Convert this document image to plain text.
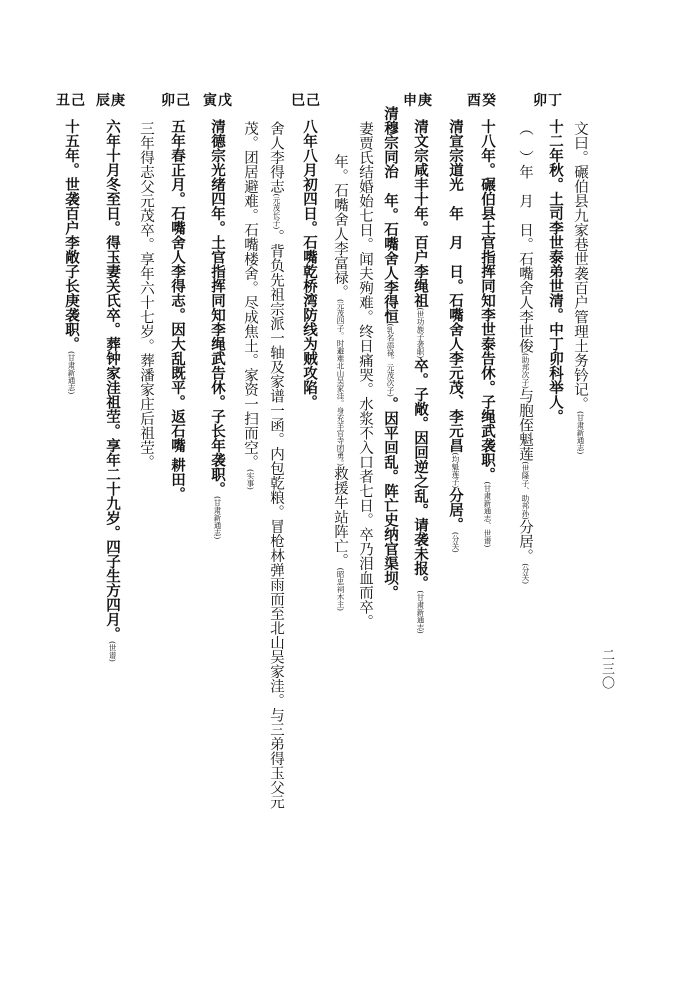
二三〇
卯丁
酉癸
申庚
巳己
寅戊
卯己
辰庚
丑己
文曰。碾伯县九家巷世袭百户管理土务钤记。(甘肃新通志)
十二年秋。土司李世泰弟世清。中丁卯科举人。
（　）年　月　日。石嘴舍人李世俊(助邦次子)与胞侄魁莲(世隆子、助邦孙)分居。(分关)
十八年。碾伯县土官指挥同知李世泰告休。子绳武袭职。(甘肃新通志、世谱)
清宣宗道光　年　月　日。石嘴舍人李元茂、李元昌(均魁莲子)分居。(分关)
清文宗咸丰十年。百户李绳祖(世功族子袭职)卒。子敞。因回逆之乱。请袭未报。(甘肃新通志)
清穆宗同治　年。石嘴舍人李得恒(乳名添禄。元茂次子)。因平回乱。阵亡史纳官渠坝。
妻贾氏结婚始七日。闻夫殉难。终日痛哭。水浆不入口者七日。卒乃泪血而卒。
年。石嘴舍人李富禄。(元茂四子。时避难北山吴家洼。身充羊官寺团勇。)救援牛站阵亡。(昭忠祠木主)
八年八月初四日。石嘴乾桥湾防线为贼攻陷。
舍人李得志(元茂长子)。背负先祖宗派一轴及家谱一函。内包乾粮。冒枪林弹雨而至北山吴家洼。与三弟得玉父元
茂。团居避难。石嘴楼舍。尽成焦土。家资一扫而空。(实事)
清德宗光绪四年。土官指挥同知李绳武告休。子长年袭职。(甘肃新通志)
五年春正月。石嘴舍人李得志。因大乱既平。返石嘴 耕田。
三年得志父元茂卒。享年六十七岁。葬潘家庄后祖茔。
六年十月冬至日。得玉妻关氏卒。葬钟家洼祖茔。享年二十九岁。四子生方四月。(世谱)
十五年。世袭百户李敞子长庚袭职。(甘肃新通志)
